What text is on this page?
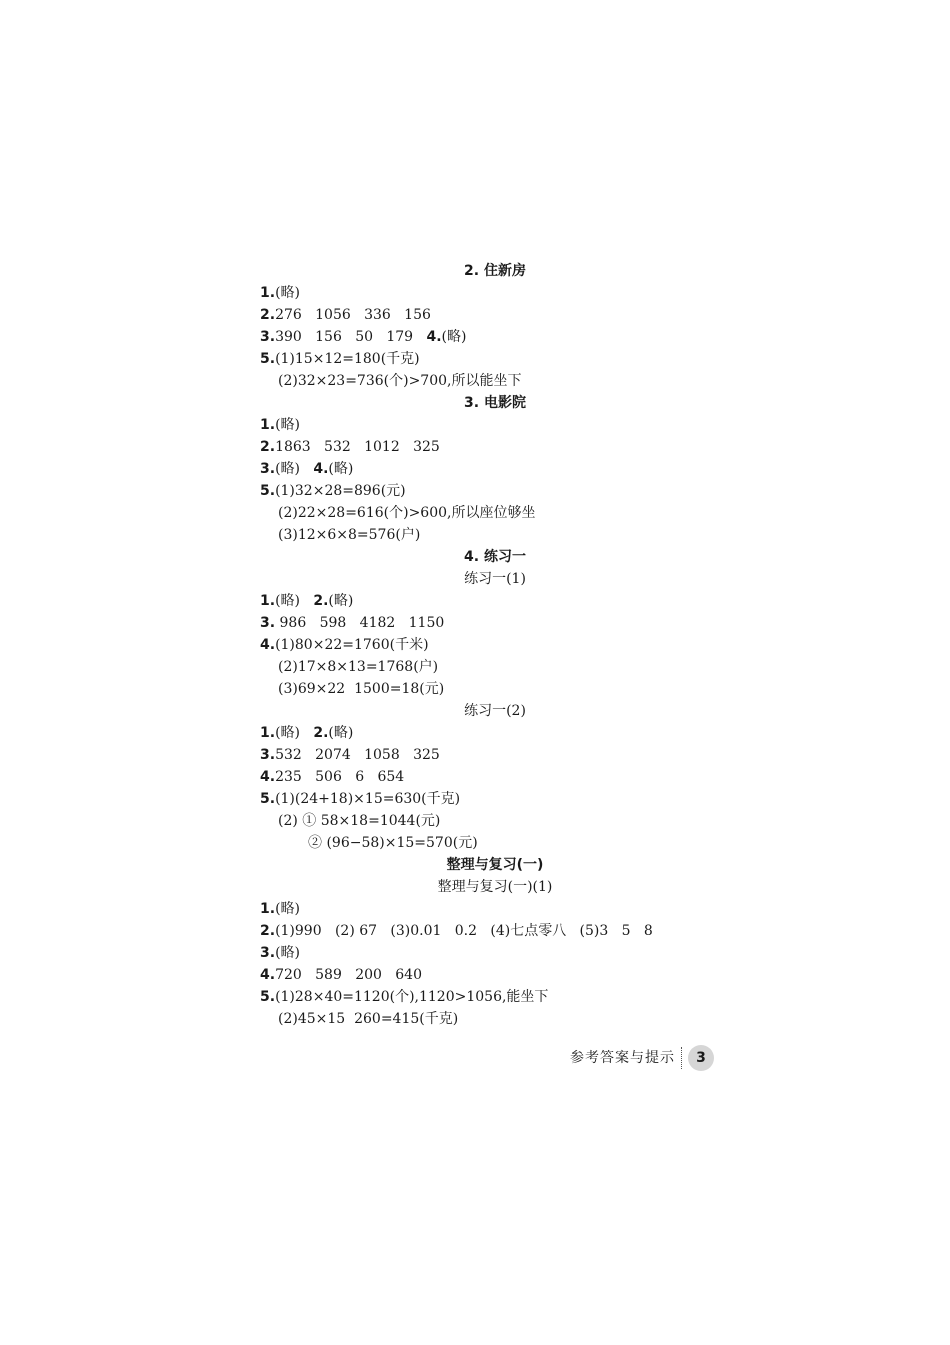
2. 住新房
1.(略)
2.276   1056   336   156
3.390   156   50   179   4.(略)
5.(1)15×12=180(千克)
(2)32×23=736(个)>700,所以能坐下
3. 电影院
1.(略)
2.1863   532   1012   325
3.(略)   4.(略)
5.(1)32×28=896(元)
(2)22×28=616(个)>600,所以座位够坐
(3)12×6×8=576(户)
4. 练习一
练习一(1)
1.(略)   2.(略)
3. 986   598   4182   1150
4.(1)80×22=1760(千米)
(2)17×8×13=1768(户)
(3)69×22  1500=18(元)
练习一(2)
1.(略)   2.(略)
3.532   2074   1058   325
4.235   506   6   654
5.(1)(24+18)×15=630(千克)
(2) ① 58×18=1044(元)
② (96−58)×15=570(元)
整理与复习(一)
整理与复习(一)(1)
1.(略)
2.(1)990   (2) 67   (3)0.01   0.2   (4)七点零八   (5)3   5   8
3.(略)
4.720   589   200   640
5.(1)28×40=1120(个),1120>1056,能坐下
(2)45×15  260=415(千克)
参考答案与提示	3
